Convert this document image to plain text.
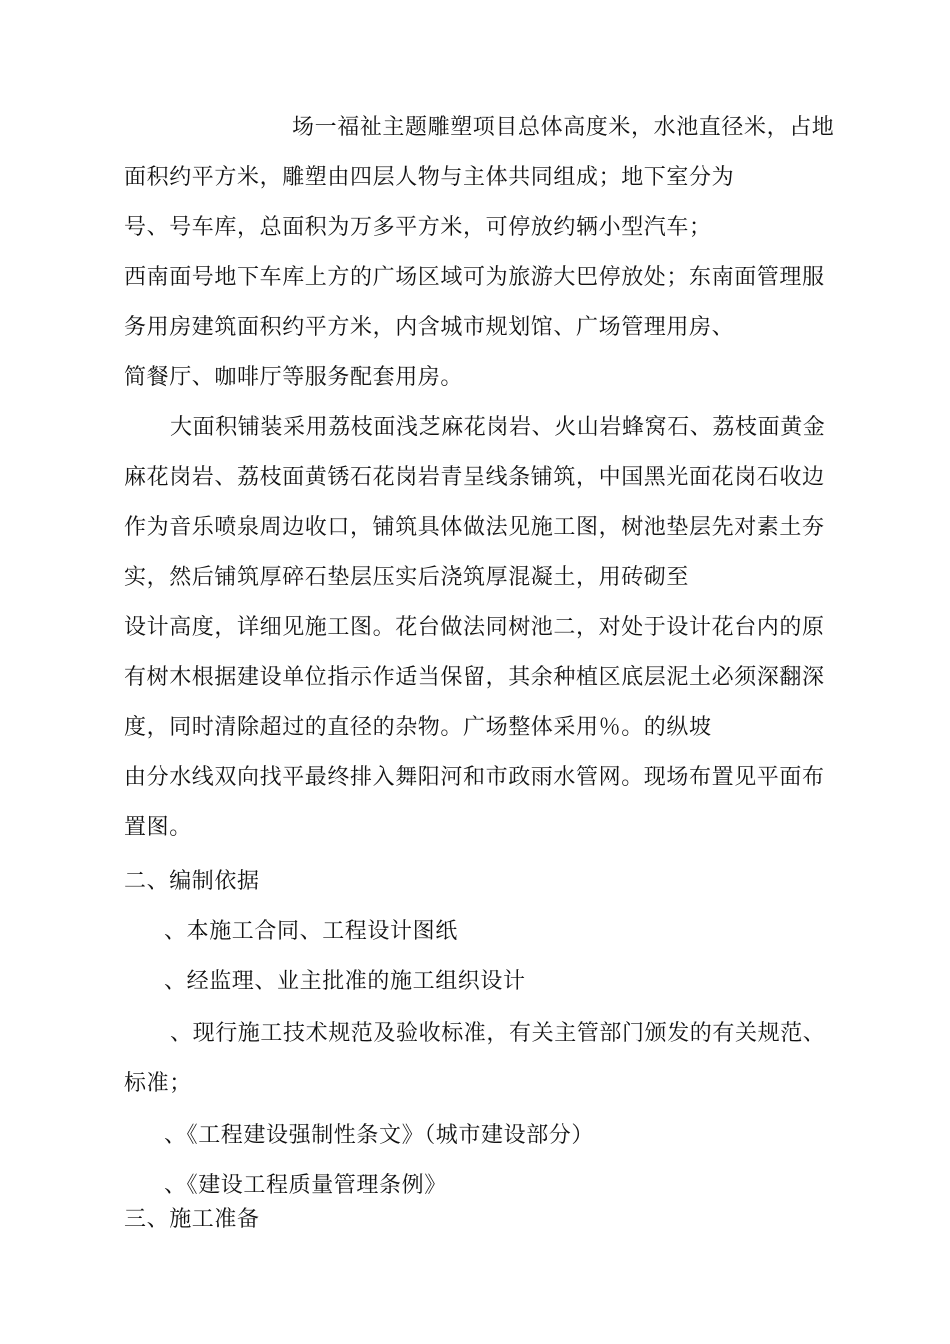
场一福祉主题雕塑项目总体高度米，水池直径米，占地
面积约平方米，雕塑由四层人物与主体共同组成；地下室分为
号、号车库，总面积为万多平方米，可停放约辆小型汽车；
西南面号地下车库上方的广场区域可为旅游大巴停放处；东南面管理服
务用房建筑面积约平方米，内含城市规划馆、广场管理用房、
简餐厅、咖啡厅等服务配套用房。
大面积铺装采用荔枝面浅芝麻花岗岩、火山岩蜂窝石、荔枝面黄金
麻花岗岩、荔枝面黄锈石花岗岩青呈线条铺筑，中国黑光面花岗石收边
作为音乐喷泉周边收口，铺筑具体做法见施工图，树池垫层先对素土夯
实，然后铺筑厚碎石垫层压实后浇筑厚混凝土，用砖砌至
设计高度，详细见施工图。花台做法同树池二，对处于设计花台内的原
有树木根据建设单位指示作适当保留，其余种植区底层泥土必须深翻深
度，同时清除超过的直径的杂物。广场整体采用％。的纵坡
由分水线双向找平最终排入舞阳河和市政雨水管网。现场布置见平面布
置图。
二、编制依据
、本施工合同、工程设计图纸
、经监理、业主批准的施工组织设计
、现行施工技术规范及验收标准，有关主管部门颁发的有关规范、
标准；
、《工程建设强制性条文》（城市建设部分）
、《建设工程质量管理条例》
三、施工准备
